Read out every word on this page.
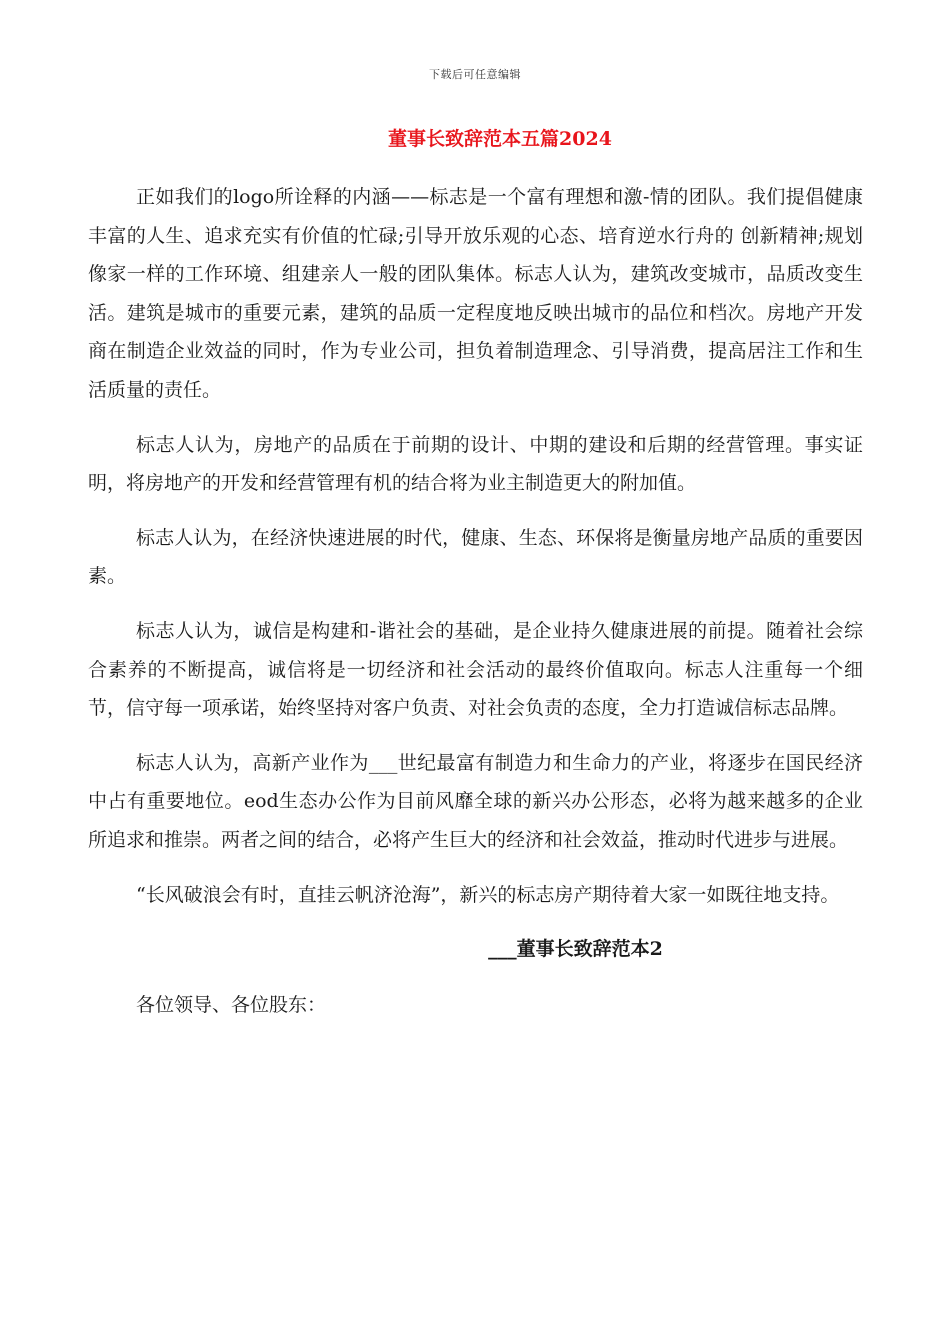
下载后可任意编辑
董事长致辞范本五篇2024

正如我们的logo所诠释的内涵——标志是一个富有理想和激-情的团队。我们提倡健康丰富的人生、追求充实有价值的忙碌;引导开放乐观的心态、培育逆水行舟的 创新精神;规划像家一样的工作环境、组建亲人一般的团队集体。标志人认为，建筑改变城市，品质改变生活。建筑是城市的重要元素，建筑的品质一定程度地反映出城市的品位和档次。房地产开发商在制造企业效益的同时，作为专业公司，担负着制造理念、引导消费，提高居注工作和生活质量的责任。

标志人认为，房地产的品质在于前期的设计、中期的建设和后期的经营管理。事实证明，将房地产的开发和经营管理有机的结合将为业主制造更大的附加值。

标志人认为，在经济快速进展的时代，健康、生态、环保将是衡量房地产品质的重要因素。

标志人认为，诚信是构建和-谐社会的基础，是企业持久健康进展的前提。随着社会综合素养的不断提高，诚信将是一切经济和社会活动的最终价值取向。标志人注重每一个细节，信守每一项承诺，始终坚持对客户负责、对社会负责的态度，全力打造诚信标志品牌。

标志人认为，高新产业作为___世纪最富有制造力和生命力的产业，将逐步在国民经济中占有重要地位。eod生态办公作为目前风靡全球的新兴办公形态，必将为越来越多的企业所追求和推崇。两者之间的结合，必将产生巨大的经济和社会效益，推动时代进步与进展。

“长风破浪会有时，直挂云帆济沧海”，新兴的标志房产期待着大家一如既往地支持。

___董事长致辞范本2

各位领导、各位股东：
